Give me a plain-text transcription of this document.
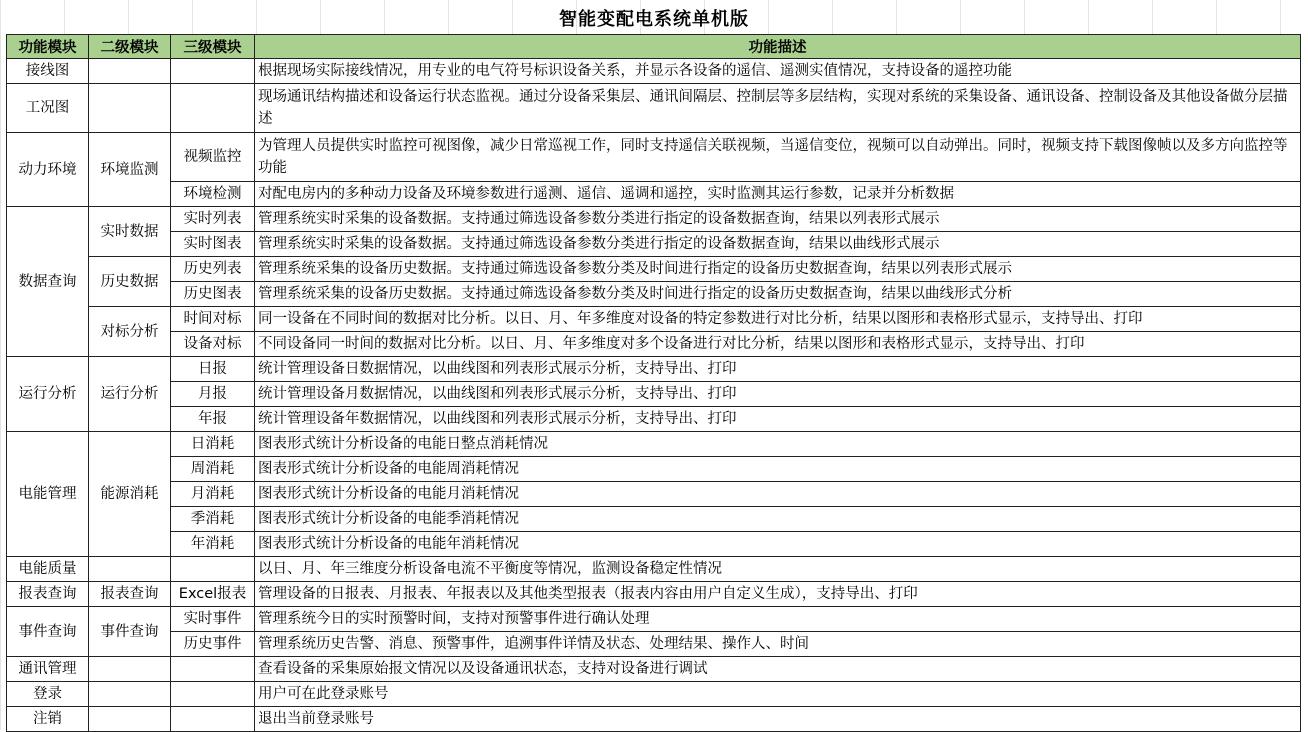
智能变配电系统单机版
功能模块	二级模块	三级模块	功能描述
接线图			根据现场实际接线情况，用专业的电气符号标识设备关系，并显示各设备的遥信、遥测实值情况，支持设备的遥控功能
工况图			现场通讯结构描述和设备运行状态监视。通过分设备采集层、通讯间隔层、控制层等多层结构，实现对系统的采集设备、通讯设备、控制设备及其他设备做分层描述
动力环境	环境监测	视频监控	为管理人员提供实时监控可视图像，减少日常巡视工作，同时支持遥信关联视频，当遥信变位，视频可以自动弹出。同时，视频支持下载图像帧以及多方向监控等功能
		环境检测	对配电房内的多种动力设备及环境参数进行遥测、遥信、遥调和遥控，实时监测其运行参数，记录并分析数据
数据查询	实时数据	实时列表	管理系统实时采集的设备数据。支持通过筛选设备参数分类进行指定的设备数据查询，结果以列表形式展示
		实时图表	管理系统实时采集的设备数据。支持通过筛选设备参数分类进行指定的设备数据查询，结果以曲线形式展示
	历史数据	历史列表	管理系统采集的设备历史数据。支持通过筛选设备参数分类及时间进行指定的设备历史数据查询，结果以列表形式展示
		历史图表	管理系统采集的设备历史数据。支持通过筛选设备参数分类及时间进行指定的设备历史数据查询，结果以曲线形式分析
	对标分析	时间对标	同一设备在不同时间的数据对比分析。以日、月、年多维度对设备的特定参数进行对比分析，结果以图形和表格形式显示，支持导出、打印
		设备对标	不同设备同一时间的数据对比分析。以日、月、年多维度对多个设备进行对比分析，结果以图形和表格形式显示，支持导出、打印
运行分析	运行分析	日报	统计管理设备日数据情况，以曲线图和列表形式展示分析，支持导出、打印
		月报	统计管理设备月数据情况，以曲线图和列表形式展示分析，支持导出、打印
		年报	统计管理设备年数据情况，以曲线图和列表形式展示分析，支持导出、打印
电能管理	能源消耗	日消耗	图表形式统计分析设备的电能日整点消耗情况
		周消耗	图表形式统计分析设备的电能周消耗情况
		月消耗	图表形式统计分析设备的电能月消耗情况
		季消耗	图表形式统计分析设备的电能季消耗情况
		年消耗	图表形式统计分析设备的电能年消耗情况
电能质量			以日、月、年三维度分析设备电流不平衡度等情况，监测设备稳定性情况
报表查询	报表查询	Excel报表	管理设备的日报表、月报表、年报表以及其他类型报表（报表内容由用户自定义生成），支持导出、打印
事件查询	事件查询	实时事件	管理系统今日的实时预警时间，支持对预警事件进行确认处理
		历史事件	管理系统历史告警、消息、预警事件，追溯事件详情及状态、处理结果、操作人、时间
通讯管理			查看设备的采集原始报文情况以及设备通讯状态，支持对设备进行调试
登录			用户可在此登录账号
注销			退出当前登录账号
